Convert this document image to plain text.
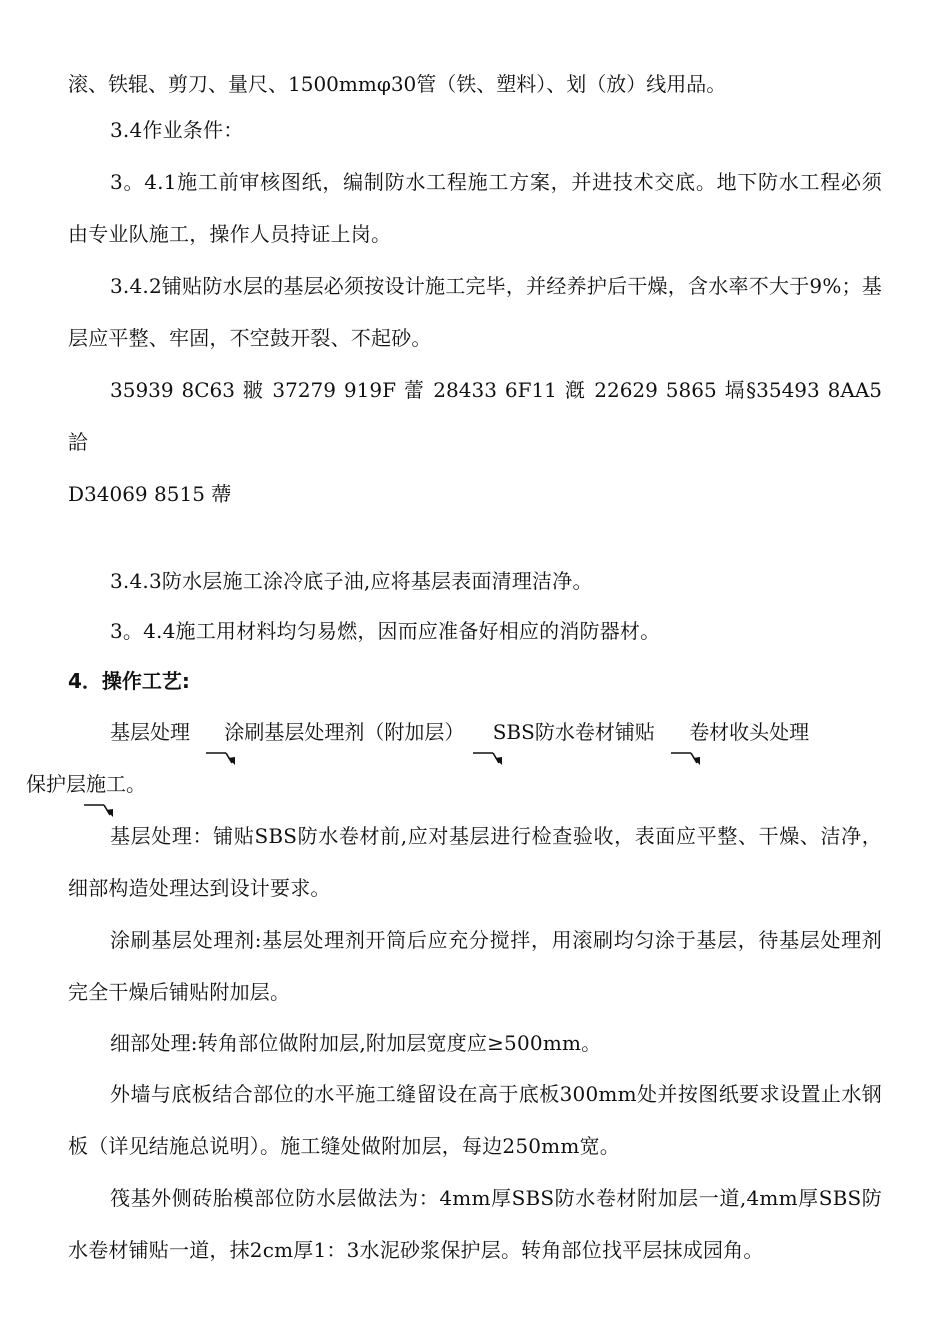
滚、铁辊、剪刀、量尺、1500mmφ30管（铁、塑料）、划（放）线用品。

3.4作业条件：

3。4.1施工前审核图纸，编制防水工程施工方案，并进技术交底。地下防水工程必须由专业队施工，操作人员持证上岗。

3.4.2铺贴防水层的基层必须按设计施工完毕，并经养护后干燥，含水率不大于9%；基层应平整、牢固，不空鼓开裂、不起砂。

35939 8C63 翍 37279 919F 蕾 28433 6F11 漑 22629 5865 塥§35493 8AA5 詥

D34069 8515 蔕

3.4.3防水层施工涂冷底子油,应将基层表面清理洁净。

3。4.4施工用材料均匀易燃，因而应准备好相应的消防器材。

4．操作工艺:

基层处理 涂刷基层处理剂（附加层） SBS防水卷材铺贴 卷材收头处理
保护层施工。

基层处理：铺贴SBS防水卷材前,应对基层进行检查验收，表面应平整、干燥、洁净，细部构造处理达到设计要求。

涂刷基层处理剂:基层处理剂开筒后应充分搅拌，用滚刷均匀涂于基层，待基层处理剂完全干燥后铺贴附加层。

细部处理:转角部位做附加层,附加层宽度应≥500mm。

外墙与底板结合部位的水平施工缝留设在高于底板300mm处并按图纸要求设置止水钢板（详见结施总说明）。施工缝处做附加层，每边250mm宽。

筏基外侧砖胎模部位防水层做法为：4mm厚SBS防水卷材附加层一道,4mm厚SBS防水卷材铺贴一道，抹2cm厚1：3水泥砂浆保护层。转角部位找平层抹成园角。
